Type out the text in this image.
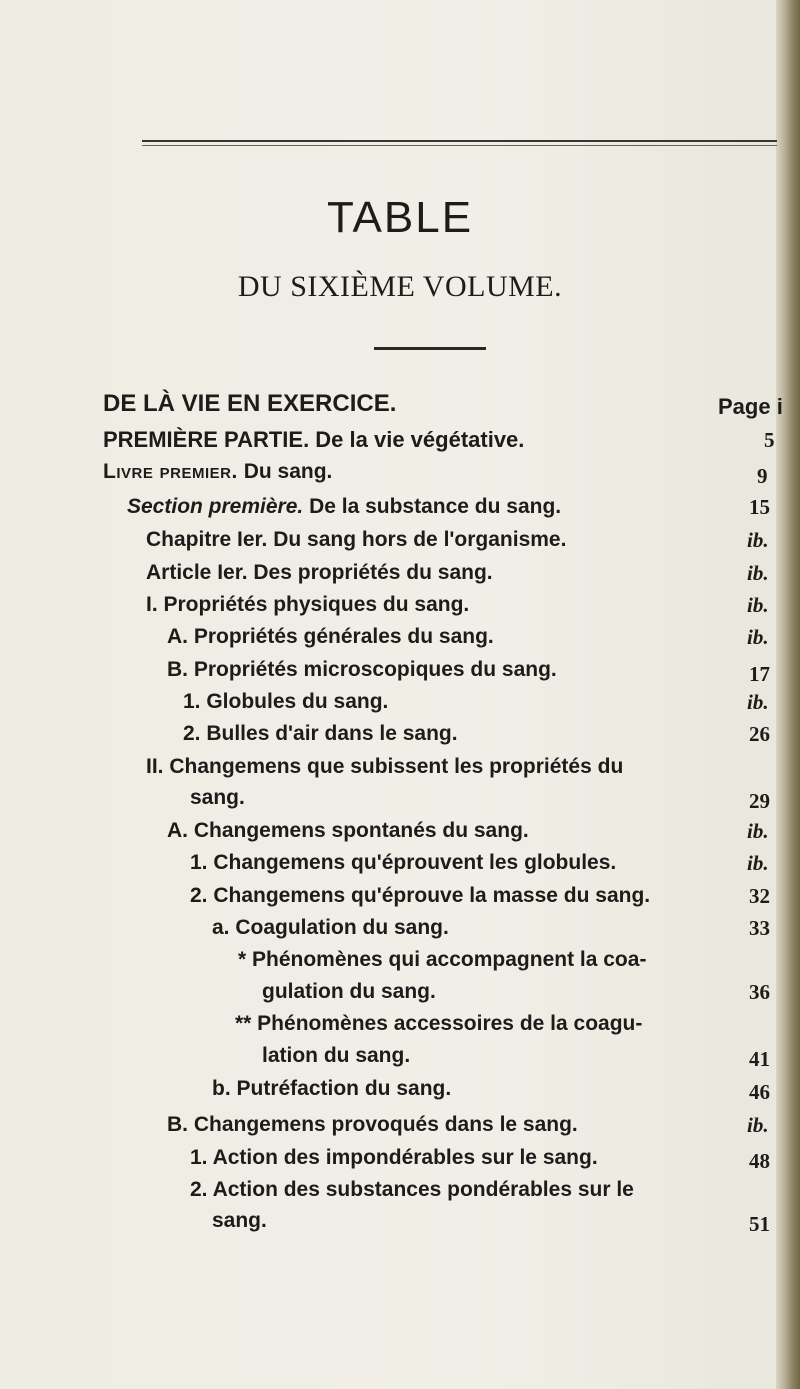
TABLE
DU SIXIÈME VOLUME.
DE LÀ VIE EN EXERCICE.	Page i
PREMIÈRE PARTIE. De la vie végétative.	5
Livre premier. Du sang.	9
Section première. De la substance du sang.	15
Chapitre Ier. Du sang hors de l'organisme.	ib.
Article Ier. Des propriétés du sang.	ib.
I. Propriétés physiques du sang.	ib.
A. Propriétés générales du sang.	ib.
B. Propriétés microscopiques du sang.	17
1. Globules du sang.	ib.
2. Bulles d'air dans le sang.	26
II. Changemens que subissent les propriétés du
sang.	29
A. Changemens spontanés du sang.	ib.
1. Changemens qu'éprouvent les globules.	ib.
2. Changemens qu'éprouve la masse du sang.	32
a. Coagulation du sang.	33
* Phénomènes qui accompagnent la coa-
gulation du sang.	36
** Phénomènes accessoires de la coagu-
lation du sang.	41
b. Putréfaction du sang.	46
B. Changemens provoqués dans le sang.	ib.
1. Action des impondérables sur le sang.	48
2. Action des substances pondérables sur le
sang.	51
